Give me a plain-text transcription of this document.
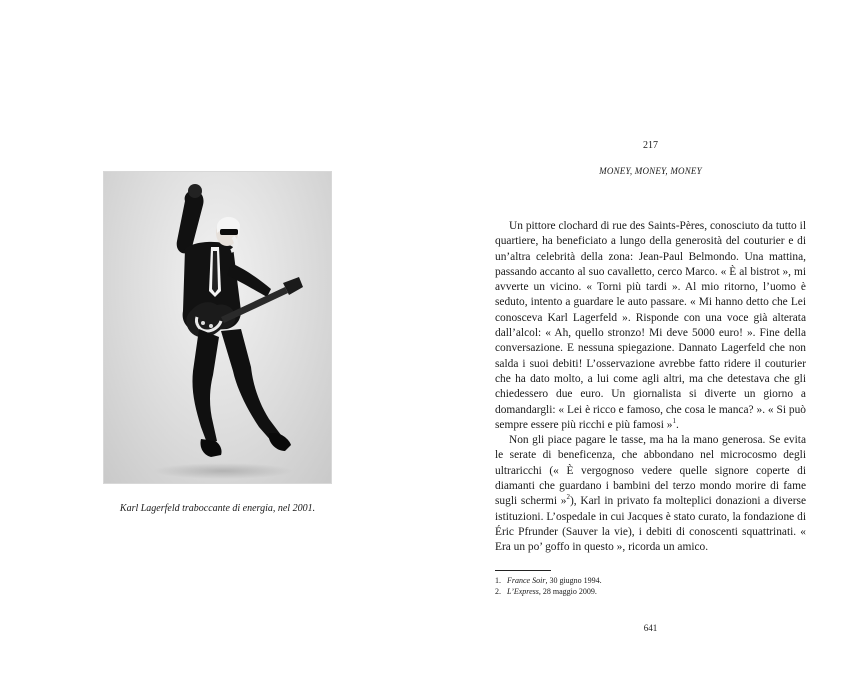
Karl Lagerfeld traboccante di energia, nel 2001.
217
MONEY, MONEY, MONEY

Un pittore clochard di rue des Saints-Pères, conosciuto da tutto il quartiere, ha beneficiato a lungo della generosità del couturier e di un’altra celebrità della zona: Jean-Paul Belmondo. Una mattina, passando accanto al suo cavalletto, cerco Marco. « È al bistrot », mi avverte un vicino. « Torni più tardi ». Al mio ritorno, l’uomo è seduto, intento a guardare le auto passare. « Mi hanno detto che Lei conosceva Karl Lagerfeld ». Risponde con una voce già alterata dall’alcol: « Ah, quello stronzo! Mi deve 5000 euro! ». Fine della conversazione. E nessuna spiegazione. Dannato Lagerfeld che non salda i suoi debiti! L’osservazione avrebbe fatto ridere il couturier che ha dato molto, a lui come agli altri, ma che detestava che gli chiedessero due euro. Un giornalista si diverte un giorno a domandargli: « Lei è ricco e famoso, che cosa le manca? ». « Si può sempre essere più ricchi e più famosi »$^1$.

Non gli piace pagare le tasse, ma ha la mano generosa. Se evita le serate di beneficenza, che abbondano nel microcosmo degli ultraricchi (« È vergognoso vedere quelle signore coperte di diamanti che guardano i bambini del terzo mondo morire di fame sugli schermi »$^2$), Karl in privato fa molteplici donazioni a diverse istituzioni. L’ospedale in cui Jacques è stato curato, la fondazione di Éric Pfrunder (Sauver la vie), i debiti di conoscenti squattrinati. « Era un po’ goffo in questo », ricorda un amico.

1. France Soir, 30 giugno 1994.
2. L’Express, 28 maggio 2009.
641
